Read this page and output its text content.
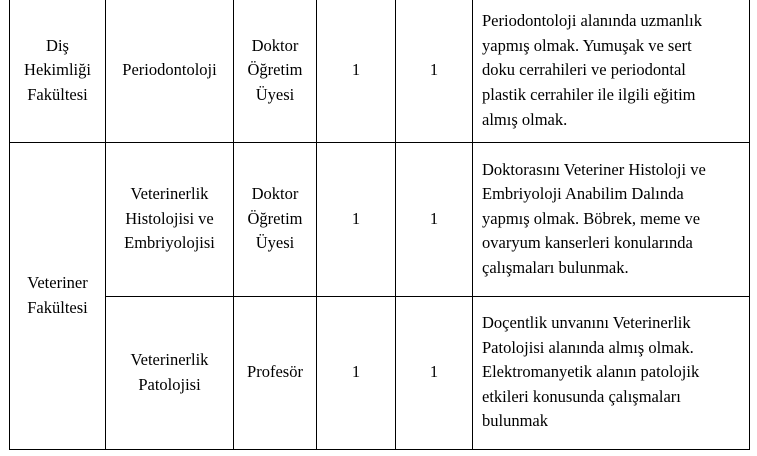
Diş
Hekimliği
Fakültesi	Periodontoloji	Doktor
Öğretim
Üyesi	1	1	Periodontoloji alanında uzmanlık
yapmış olmak. Yumuşak ve sert
doku cerrahileri ve periodontal
plastik cerrahiler ile ilgili eğitim
almış olmak.

Veteriner
Fakültesi	Veterinerlik
Histolojisi ve
Embriyolojisi	Doktor
Öğretim
Üyesi	1	1	Doktorasını Veteriner Histoloji ve
Embriyoloji Anabilim Dalında
yapmış olmak. Böbrek, meme ve
ovaryum kanserleri konularında
çalışmaları bulunmak.

	Veterinerlik
Patolojisi	Profesör	1	1	Doçentlik unvanını Veterinerlik
Patolojisi alanında almış olmak.
Elektromanyetik alanın patolojik
etkileri konusunda çalışmaları
bulunmak
